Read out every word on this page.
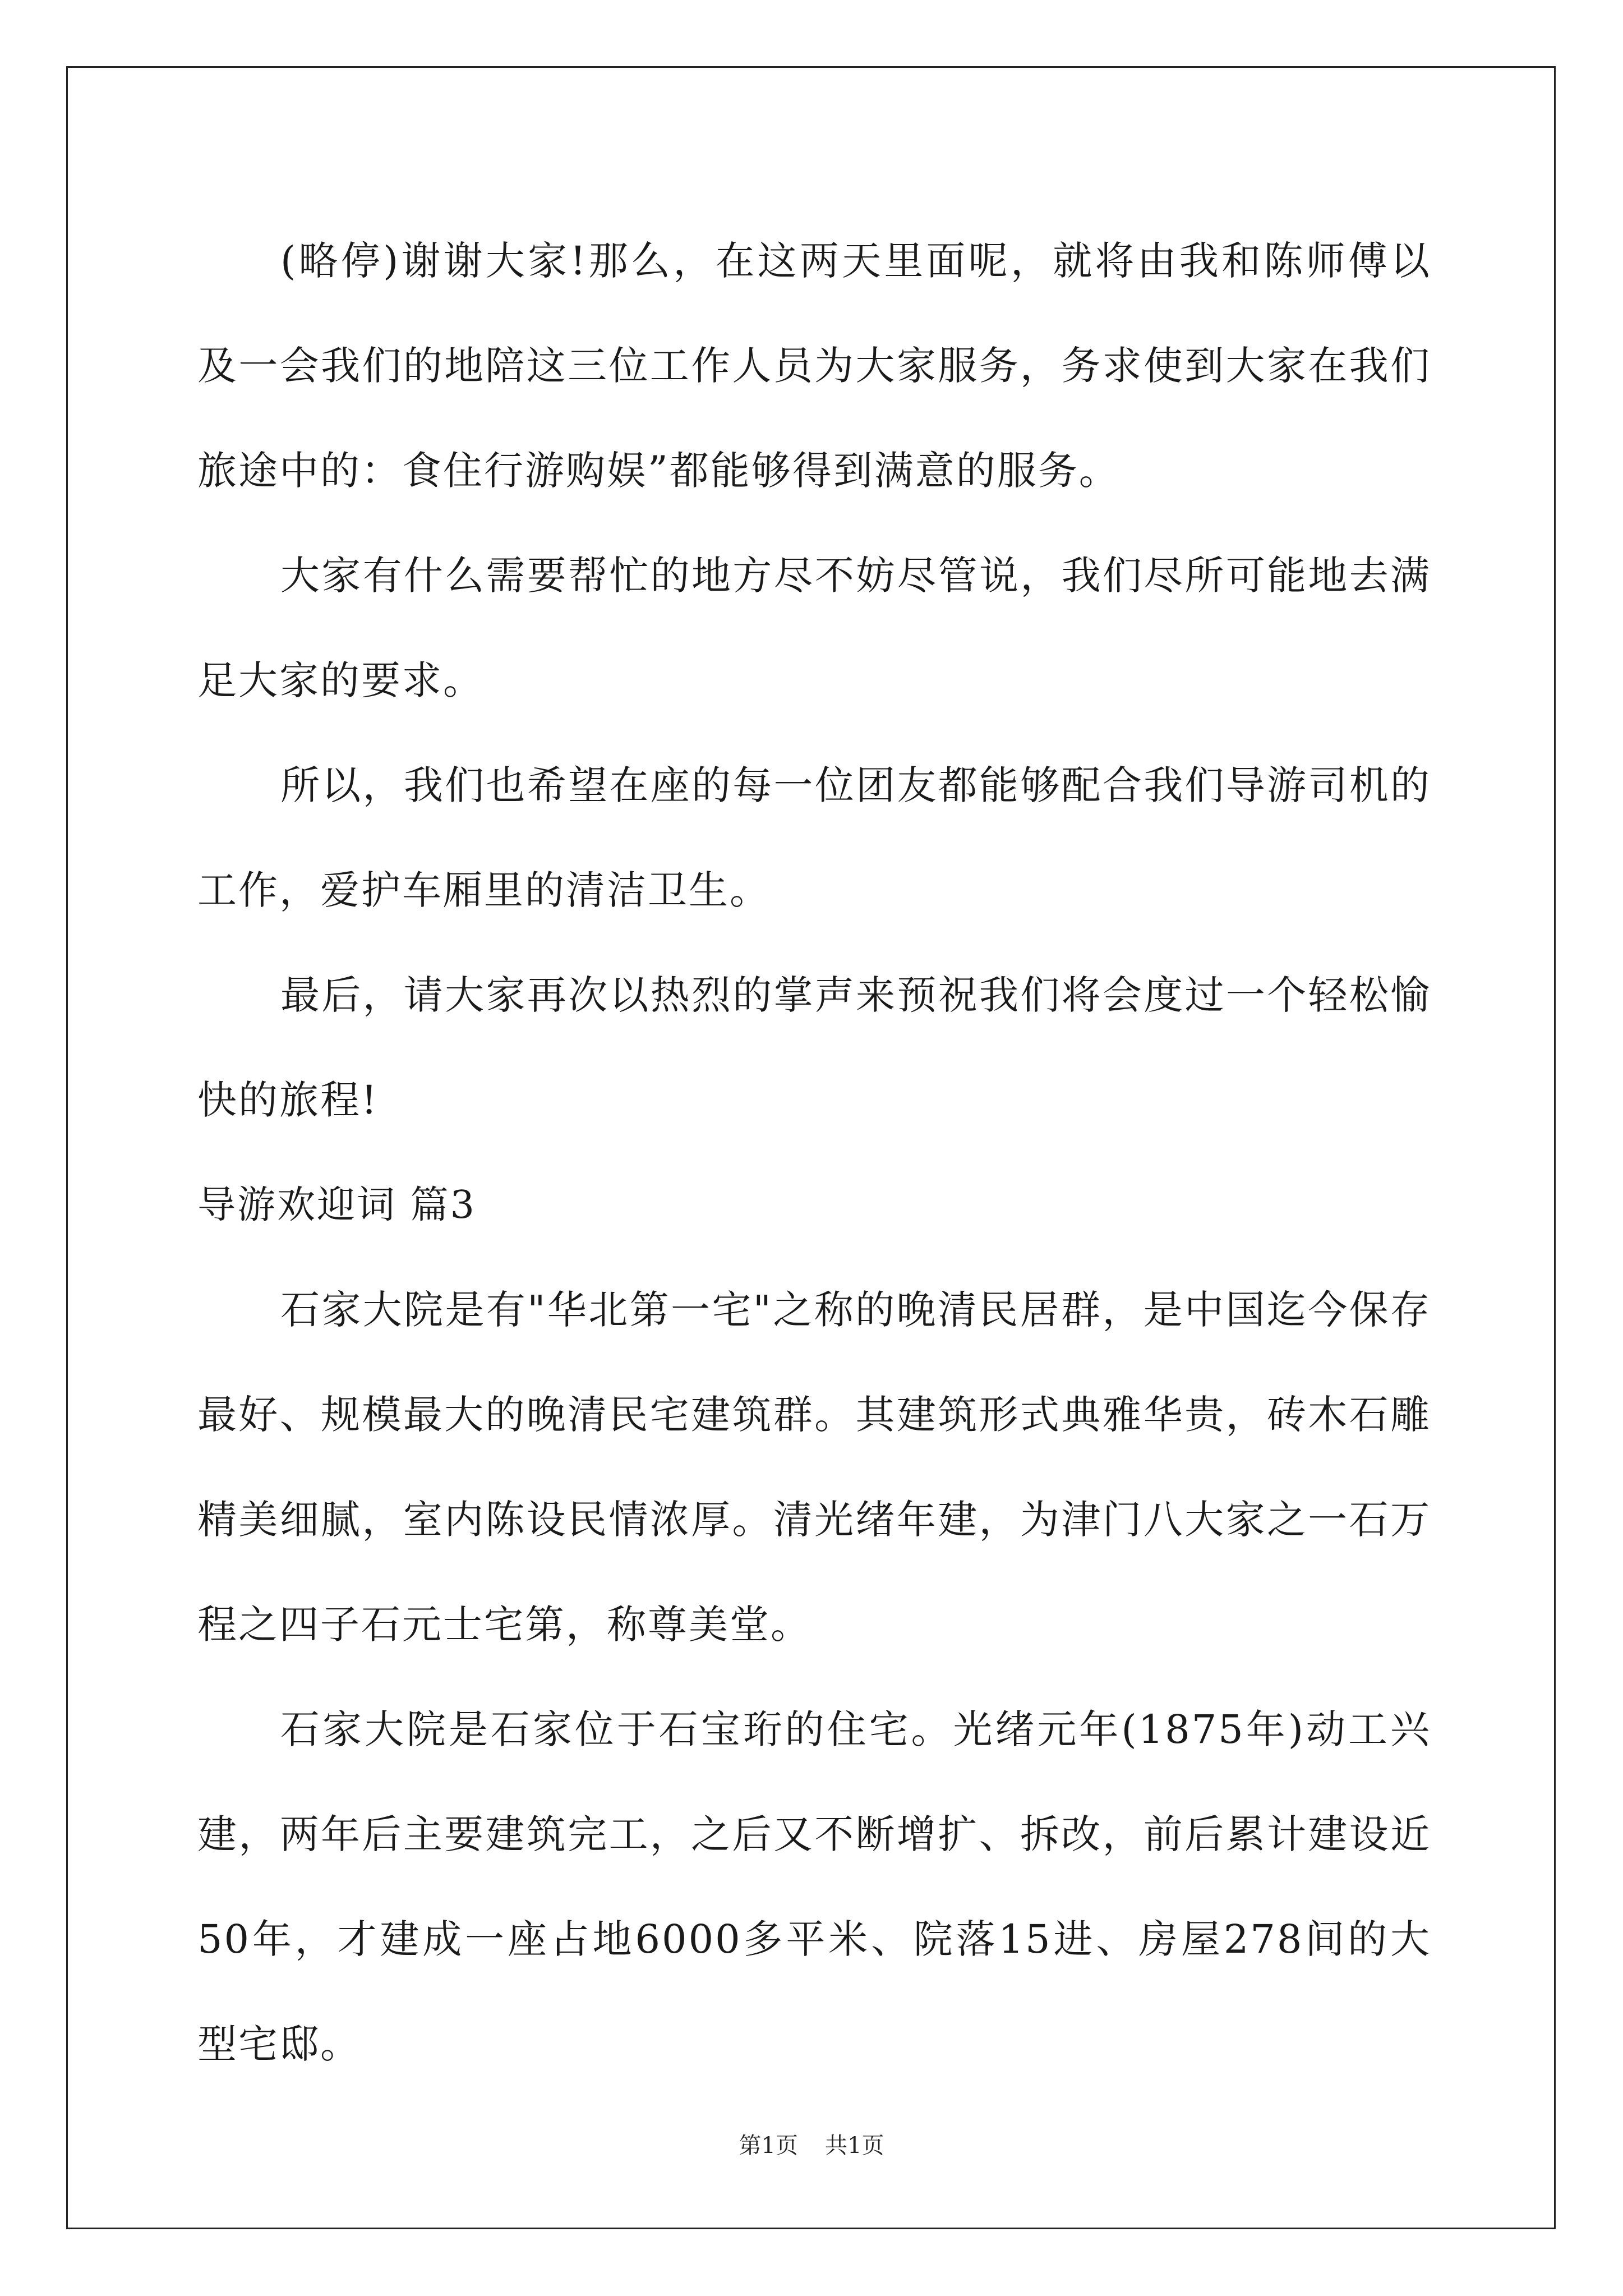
(略停)谢谢大家!那么，在这两天里面呢，就将由我和陈师傅以及一会我们的地陪这三位工作人员为大家服务，务求使到大家在我们旅途中的：食住行游购娱”都能够得到满意的服务。

大家有什么需要帮忙的地方尽不妨尽管说，我们尽所可能地去满足大家的要求。

所以，我们也希望在座的每一位团友都能够配合我们导游司机的工作，爱护车厢里的清洁卫生。

最后，请大家再次以热烈的掌声来预祝我们将会度过一个轻松愉快的旅程!

导游欢迎词 篇3

石家大院是有"华北第一宅"之称的晚清民居群，是中国迄今保存最好、规模最大的晚清民宅建筑群。其建筑形式典雅华贵，砖木石雕精美细腻，室内陈设民情浓厚。清光绪年建，为津门八大家之一石万程之四子石元士宅第，称尊美堂。

石家大院是石家位于石宝珩的住宅。光绪元年(1875年)动工兴建，两年后主要建筑完工，之后又不断增扩、拆改，前后累计建设近50年，才建成一座占地6000多平米、院落15进、房屋278间的大型宅邸。

第1页 共1页
